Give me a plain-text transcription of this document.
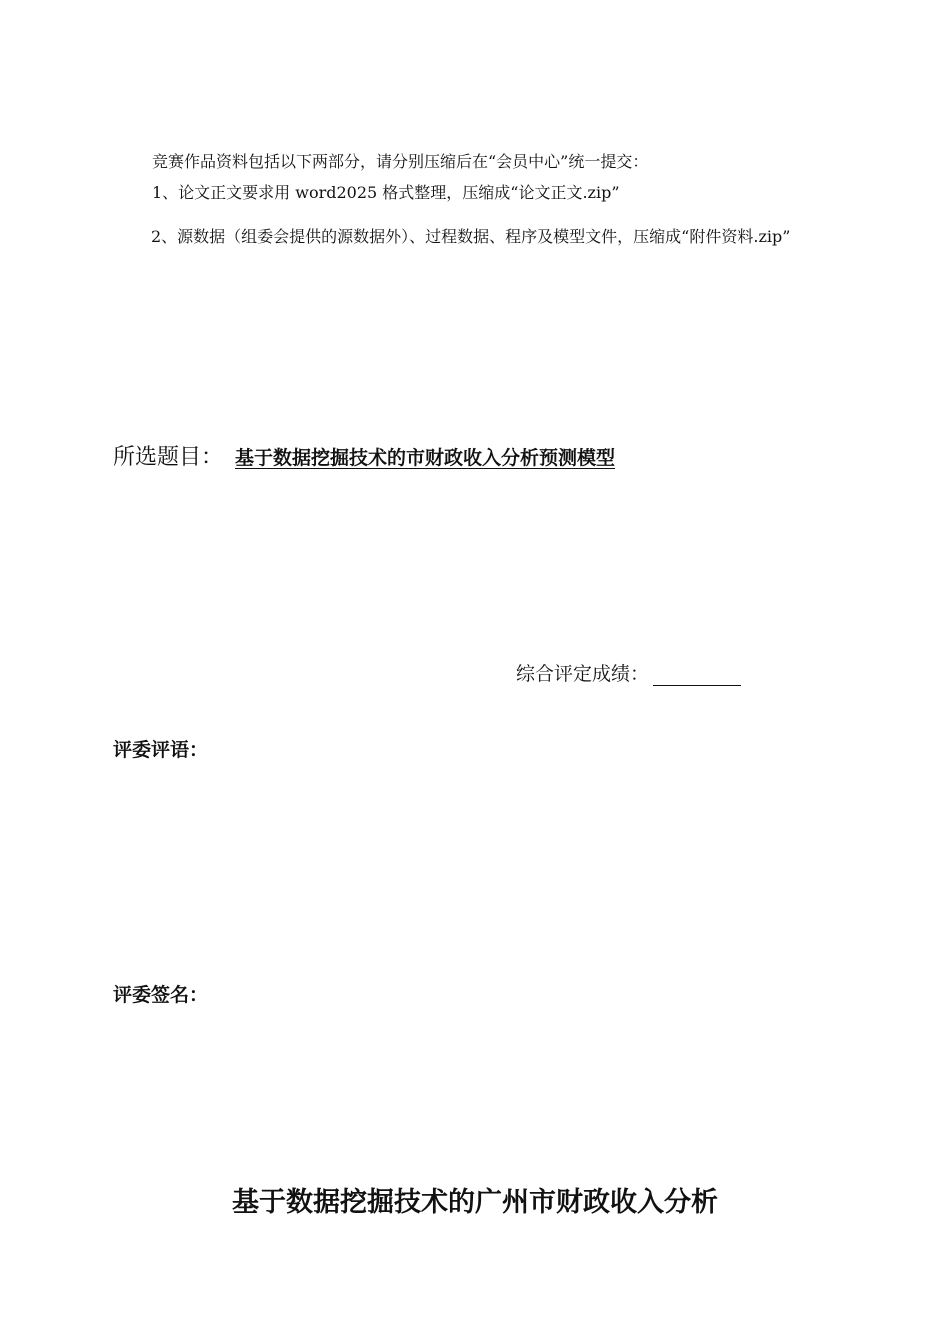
竞赛作品资料包括以下两部分，请分别压缩后在“会员中心”统一提交：
1、论文正文要求用 word2025 格式整理，压缩成“论文正文.zip”
2、源数据（组委会提供的源数据外）、过程数据、程序及模型文件，压缩成“附件资料.zip”
所选题目： 基于数据挖掘技术的市财政收入分析预测模型
综合评定成绩：
评委评语：
评委签名：
基于数据挖掘技术的广州市财政收入分析
